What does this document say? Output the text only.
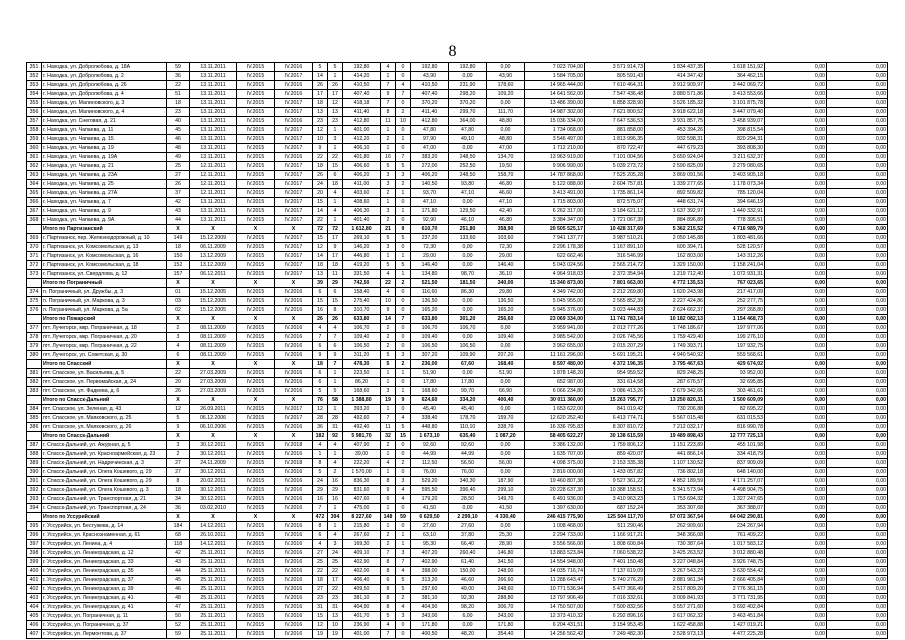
8
351	г. Находка, ул. Добролюбова, д. 18А	59	13.11.2011	IV.2015	IV.2016	5	5	192,80	4	0	192,80	192,80	0,00	7 023 704,00	3 571 914,73	1 834 437,35	1 618 151,92	0,00	0,00
352	г. Находка, ул. Добролюбова, д. 2	36	13.11.2011	IV.2015	IV.2017	14	1	414,20	1	0	43,90	0,00	43,90	1 584 705,00	805 591,43	414 347,42	364 462,15	0,00	0,00
353	г. Находка, ул. Добролюбова, д. 26	22	13.11.2011	IV.2015	IV.2016	26	26	410,50	7	4	410,50	231,90	178,60	14 965 444,00	7 610 464,31	3 912 909,97	3 442 069,72	0,00	0,00
354	г. Находка, ул. Добролюбова, д. 4	51	13.11.2011	IV.2015	IV.2016	17	17	407,40	9	7	407,40	298,20	109,20	14 641 562,00	7 547 436,48	3 880 571,86	3 413 553,66	0,00	0,00
355	г. Находка, ул. Малиновского, д. 3	18	13.11.2011	IV.2015	IV.2017	18	12	418,18	7	0	370,20	370,20	0,00	13 486 390,00	6 858 328,90	3 526 185,32	3 101 875,78	0,00	0,00
356	г. Находка, ул. Малиновского, д. 4	23	13.11.2011	IV.2015	IV.2017	13	13	411,40	8	2	411,40	299,70	111,70	14 987 302,00	7 621 800,52	3 918 622,18	3 447 079,40	0,00	0,00
357	г. Находка, ул. Снеговая, д. 21	40	13.11.2011	IV.2015	IV.2016	23	23	412,80	11	10	412,80	364,00	48,80	15 036 334,00	7 647 536,53	3 931 857,75	3 458 939,07	0,00	0,00
358	г. Находка, ул. Чапаева, д. 11	45	13.11.2011	IV.2015	IV.2017	12	1	401,00	1	0	47,80	47,80	0,00	1 734 068,00	881 858,00	453 394,26	398 815,54	0,00	0,00
359	г. Находка, ул. Чапаева, д. 15	46	13.11.2011	IV.2015	IV.2017	10	3	412,20	2	1	97,90	49,10	48,80	3 546 497,00	1 813 996,35	932 598,31	820 294,31	0,00	0,00
360	г. Находка, ул. Чапаева, д. 19	48	13.11.2011	IV.2015	IV.2017	9	1	406,10	1	0	47,00	0,00	47,00	1 712 210,00	870 722,47	447 679,23	393 808,30	0,00	0,00
361	г. Находка, ул. Чапаева, д. 19А	49	13.11.2011	IV.2015	IV.2016	22	22	401,80	16	7	383,20	248,50	134,70	13 963 919,00	7 101 004,56	3 650 924,04	3 211 632,37	0,00	0,00
362	г. Находка, ул. Чапаева, д. 21	25	12.11.2011	IV.2015	IV.2017	18	15	406,60	5	5	272,00	252,50	19,50	9 906 990,00	5 039 273,72	2 590 825,09	2 279 080,65	0,00	0,00
363	г. Находка, ул. Чапаева, д. 23А	27	12.11.2011	IV.2015	IV.2017	26	6	406,20	3	3	406,20	248,50	158,70	14 787 868,00	7 525 205,28	3 869 091,56	3 403 905,18	0,00	0,00
364	г. Находка, ул. Чапаева, д. 25	26	12.11.2011	IV.2015	IV.2017	24	18	411,00	3	2	140,50	93,80	46,80	5 122 088,00	2 604 757,81	1 339 277,65	1 178 073,34	0,00	0,00
365	г. Находка, ул. Чапаева, д. 27А	37	12.11.2011	IV.2015	IV.2017	20	4	403,60	2	1	93,70	47,10	46,60	3 413 491,00	1 735 861,14	892 509,82	785 120,04	0,00	0,00
366	г. Находка, ул. Чапаева, д. 7	42	13.11.2011	IV.2015	IV.2017	15	1	408,60	1	0	47,10	0,00	47,10	1 715 803,00	872 575,07	448 631,74	394 646,19	0,00	0,00
367	г. Находка, ул. Чапаева, д. 9	43	13.11.2011	IV.2015	IV.2017	14	4	406,30	3	1	171,80	129,50	42,40	6 262 317,00	3 184 621,12	1 637 392,97	1 440 332,91	0,00	0,00
368	г. Находка, ул. Чапаева, д. 9А	44	13.11.2011	IV.2015	IV.2017	22	1	401,40	2	0	92,90	46,10	46,80	3 384 347,00	1 721 067,39	884 896,89	778 395,51	0,00	0,00
	Итого по Партизанский	X	X	X	X	72	72	1 612,80	21	9	610,70	251,80	358,90	20 505 525,17	10 428 317,69	5 362 215,52	4 716 989,79	0,00	0,00
369	г. Партизанск, пер. Железнодорожный, д. 10	149	15.12.2009	IV.2015	IV.2017	15	17	269,10	5	5	237,20	133,60	103,60	7 941 137,77	3 987 510,21	2 050 145,88	1 803 481,66	0,00	0,00
370	г. Партизанск, ул. Комсомольская, д. 13	18	06.11.2009	IV.2015	IV.2017	12	9	146,20	3	0	72,30	0,00	72,30	2 296 178,38	1 167 891,10	600 394,71	528 120,57	0,00	0,00
371	г. Партизанск, ул. Комсомольская, д. 16	150	13.12.2009	IV.2015	IV.2017	14	17	446,80	1	1	29,00	0,00	29,00	622 662,46	316 546,99	162 803,00	143 312,26	0,00	0,00
372	г. Партизанск, ул. Комсомольская, д. 18	152	13.12.2009	IV.2015	IV.2017	18	18	419,20	5	5	146,40	0,00	146,40	5 043 024,56	2 565 214,72	1 329 150,00	1 158 241,04	0,00	0,00
373	г. Партизанск, ул. Свердлова, д. 12	157	06.12.2011	IV.2015	IV.2017	13	11	331,50	4	1	134,80	98,70	36,10	4 964 918,03	2 372 354,94	1 219 712,40	1 072 931,31	0,00	0,00
	Итого по Пограничный	X	X	X	X	39	29	742,50	22	2	521,50	181,50	340,00	15 340 873,00	7 801 663,00	4 772 135,53	767 023,65	0,00	0,00
374	п. Пограничный, ул. Дружбы, д. 3	01	15.12.2005	IV.2015	IV.2016	6	6	158,40	4	0	116,60	86,30	29,80	4 349 742,00	2 212 269,80	1 620 243,98	217 417,09	0,00	0,00
375	п. Пограничный, ул. Маркова, д. 3	03	15.12.2005	IV.2015	IV.2016	15	15	275,40	10	0	136,50	0,00	136,50	5 045 955,00	2 565 852,39	2 227 424,86	252 277,75	0,00	0,00
376	п. Пограничный, ул. Маркова, д. 5а	02	15.12.2005	IV.2015	IV.2016	16	8	310,70	9	0	165,20	0,00	165,20	5 945 376,00	3 023 444,83	2 624 662,37	297 268,80	0,00	0,00
	Итого по Пожарский	X	X	X	X	26	26	633,80	14	7	633,80	301,20	256,60	23 069 334,00	11 741 783,14	10 182 082,13	1 154 468,73	0,00	0,00
377	пгт. Лучегорск, мкр. Пограничная, д. 18	2	08.11.2009	IV.2015	IV.2016	4	4	106,70	2	0	106,70	106,70	0,00	3 959 941,00	2 013 777,26	1 748 186,67	197 977,06	0,00	0,00
378	пгт. Лучегорск, мкр. Пограничная, д. 20	3	08.11.2009	IV.2015	IV.2016	7	7	109,40	2	0	109,40	0,00	109,40	3 985 542,00	2 026 745,56	1 759 429,40	199 276,10	0,00	0,00
379	пгт. Лучегорск, мкр. Пограничная, д. 22	4	08.11.2009	IV.2015	IV.2016	6	6	106,50	2	0	106,50	106,50	0,00	3 962 655,00	2 015 207,29	1 749 393,71	197 932,75	0,00	0,00
380	пгт. Лучегорск, ул. Советская, д. 30	6	08.11.2009	IV.2015	IV.2016	9	9	311,20	5	3	307,20	109,90	207,20	11 161 296,00	5 691 195,21	4 940 540,92	559 568,61	0,00	0,00
	Итого по Спасский	X	X	X	X	18	7	478,30	5	2	236,00	67,60	168,40	8 597 480,00	4 372 196,35	3 795 467,63	429 674,02	0,00	0,00
381	пгт. Спасское, ул. Васильева, д. 5	22	27.03.2009	IV.2015	IV.2016	6	1	223,50	1	1	51,90	0,00	51,90	1 878 148,20	954 959,52	829 248,25	93 952,00	0,00	0,00
382	пгт. Спасское, ул. Первомайская, д. 24	20	27.03.2009	IV.2015	IV.2016	6	1	86,20	1	0	17,80	17,80	0,00	652 987,00	331 614,58	287 676,57	32 695,85	0,00	0,00
383	пгт. Спасское, ул. Фадеева, д. 6	26	27.03.2009	IV.2015	IV.2016	5	5	168,60	3	1	168,60	99,70	66,90	6 066 234,80	3 086 413,26	2 679 342,65	303 461,61	0,00	0,00
	Итого по Спасск-Дальний	X	X	X	X	76	58	1 388,80	19	9	624,60	334,20	400,40	30 011 360,00	15 263 795,77	13 250 820,31	1 500 609,09	0,00	0,00
384	пгт. Спасское, ул. Зеленая, д. 43	12	26.09.2011	IV.2015	IV.2017	12	1	393,20	1	0	45,40	45,40	0,00	1 653 622,00	841 019,42	730 206,88	82 695,22	0,00	0,00
385	пгт. Спасское, ул. Маяковского, д. 25	5	06.12.2006	IV.2015	IV.2017	28	28	492,60	7	4	338,40	178,70	159,70	12 620 252,40	6 413 774,71	5 567 015,48	631 015,53	0,00	0,00
386	пгт. Спасское, ул. Маяковского, д. 26	9	06.10.2006	IV.2015	IV.2016	36	31	492,40	11	5	448,80	110,10	338,70	16 336 795,83	8 307 810,72	7 212 032,17	816 990,78	0,00	0,00
	Итого по Спасск-Дальний	X	X	X	X	182	92	5 981,70	32	15	1 673,10	635,40	1 087,20	58 405 622,27	30 138 615,59	19 489 898,43	12 777 725,13	0,00	0,00
387	г. Спасск-Дальний, ул. Ажурная, д. 5	3	30.12.2011	IV.2015	IV.2018	4	4	407,90	2	0	92,60	92,60	0,00	3 386 132,00	1 759 806,12	1 151 223,89	455 101,98	0,00	0,00
388	г. Спасск-Дальний, ул. Красноармейская, д. 23	2	30.12.2011	IV.2015	IV.2016	1	1	39,00	1	0	44,99	44,99	0,00	1 635 707,00	859 420,07	441 866,14	334 418,79	0,00	0,00
389	г. Спасск-Дальний, ул. Надречинская, д. 3	27	24.11.2009	IV.2015	IV.2018	8	4	222,20	4	2	112,50	56,50	56,00	4 098 375,00	2 153 335,38	1 107 130,52	837 909,09	0,00	0,00
390	г. Спасск-Дальний, ул. Олега Кошевого, д. 29	27	30.12.2011	IV.2015	IV.2016	5	2	1 570,00	1	0	76,00	76,00	0,00	2 816 000,00	1 433 057,82	736 802,18	648 140,00	0,00	0,00
391	г. Спасск-Дальний, ул. Олега Кошевого, д. 29	8	20.02.2011	IV.2015	IV.2016	24	16	836,30	8	3	529,20	340,30	187,90	19 460 807,38	9 527 361,22	4 852 189,59	4 171 257,07	0,00	0,00
392	г. Спасск-Дальний, ул. Олега Кошевого, д. 3	18	30.12.2011	IV.2015	IV.2016	29	29	831,60	9	4	595,50	396,40	299,10	20 228 637,30	10 388 158,51	5 341 573,94	4 498 904,75	0,00	0,00
393	г. Спасск-Дальний, ул. Транспортная, д. 21	34	30.12.2011	IV.2015	IV.2016	16	16	407,60	6	4	179,20	28,50	149,70	6 491 936,00	3 410 963,23	1 753 694,32	1 327 247,65	0,00	0,00
394	г. Спасск-Дальний, ул. Транспортная, д. 24	36	03.02.2010	IV.2015	IV.2016	7	1	475,00	1	0	41,50	0,00	41,50	1 397 630,00	687 152,24	353 307,68	367 388,07	0,00	0,00
	Итого по Уссурийский	X	X	X	X	472	394	8 227,60	148	59	6 629,50	2 299,10	4 330,40	246 415 775,90	125 504 117,70	57 072 367,54	64 042 290,81	0,00	0,00
395	г. Уссурийск, ул. Бестужева, д. 14	184	14.12.2011	IV.2015	IV.2016	8	1	215,80	1	0	27,60	27,60	0,00	1 008 468,00	511 290,46	262 909,60	234 267,94	0,00	0,00
396	г. Уссурийск, ул. Краснознаменная, д. 61	68	26.10.2011	IV.2015	IV.2016	6	4	267,60	2	1	63,10	37,80	25,30	2 294 733,00	1 166 917,21	348 366,08	761 409,22	0,00	0,00
397	г. Уссурийск, ул. Ленина, д. 4	118	14.12.2011	IV.2015	IV.2016	4	3	169,30	2	1	95,30	66,40	28,90	3 556 566,00	1 808 600,84	730 387,64	1 017 583,12	0,00	0,00
398	г. Уссурийск, ул. Ленинградская, д. 12	42	25.11.2011	IV.2015	IV.2016	27	24	409,10	7	3	407,20	260,40	146,80	13 883 523,84	7 060 538,22	3 425 263,52	3 012 880,48	0,00	0,00
399	г. Уссурийск, ул. Ленинградская, д. 33	43	25.11.2011	IV.2015	IV.2016	25	25	402,90	8	7	402,90	61,40	341,50	14 554 948,00	7 401 150,48	3 227 048,84	3 926 748,75	0,00	0,00
400	г. Уссурийск, ул. Ленинградская, д. 35	44	25.11.2011	IV.2015	IV.2016	22	22	402,00	8	4	398,00	150,00	248,00	14 035 716,74	7 137 619,09	3 267 543,23	3 630 554,42	0,00	0,00
401	г. Уссурийск, ул. Ленинградская, д. 37	45	25.11.2011	IV.2015	IV.2016	18	17	406,40	6	5	313,20	46,60	266,60	11 288 643,47	5 740 276,29	2 881 961,34	2 666 405,84	0,00	0,00
402	г. Уссурийск, ул. Ленинградская, д. 39	46	25.11.2011	IV.2015	IV.2016	27	22	409,50	8	5	297,60	49,00	248,60	10 771 536,94	5 477 366,49	2 517 809,20	2 776 361,15	0,00	0,00
403	г. Уссурийск, ул. Ленинградская, д. 41	48	25.11.2011	IV.2015	IV.2016	23	23	381,10	8	2	381,10	92,30	288,80	13 797 906,49	7 016 332,61	3 009 841,93	3 771 731,95	0,00	0,00
404	г. Уссурийск, ул. Ленинградская, д. 41	47	25.11.2011	IV.2015	IV.2016	31	31	404,90	8	4	404,90	98,20	306,70	14 750 507,00	7 500 832,56	3 557 271,60	3 692 402,84	0,00	0,00
405	г. Уссурийск, ул. Пограничная, д. 11	50	25.11.2011	IV.2015	IV.2016	15	13	401,70	5	3	343,00	6,00	343,00	12 373 410,32	6 292 896,16	2 617 062,32	3 463 451,84	0,00	0,00
406	г. Уссурийск, ул. Пограничная, д. 37	52	25.11.2011	IV.2015	IV.2016	12	10	236,90	4	0	171,80	0,00	171,80	6 204 431,51	3 154 953,45	1 622 458,88	1 427 019,21	0,00	0,00
407	г. Уссурийск, ул. Лермонтова, д. 37	59	25.11.2011	IV.2015	IV.2016	19	19	401,00	7	0	400,50	48,20	354,40	14 256 562,42	7 249 482,30	2 528 973,13	4 477 225,28	0,00	0,00
